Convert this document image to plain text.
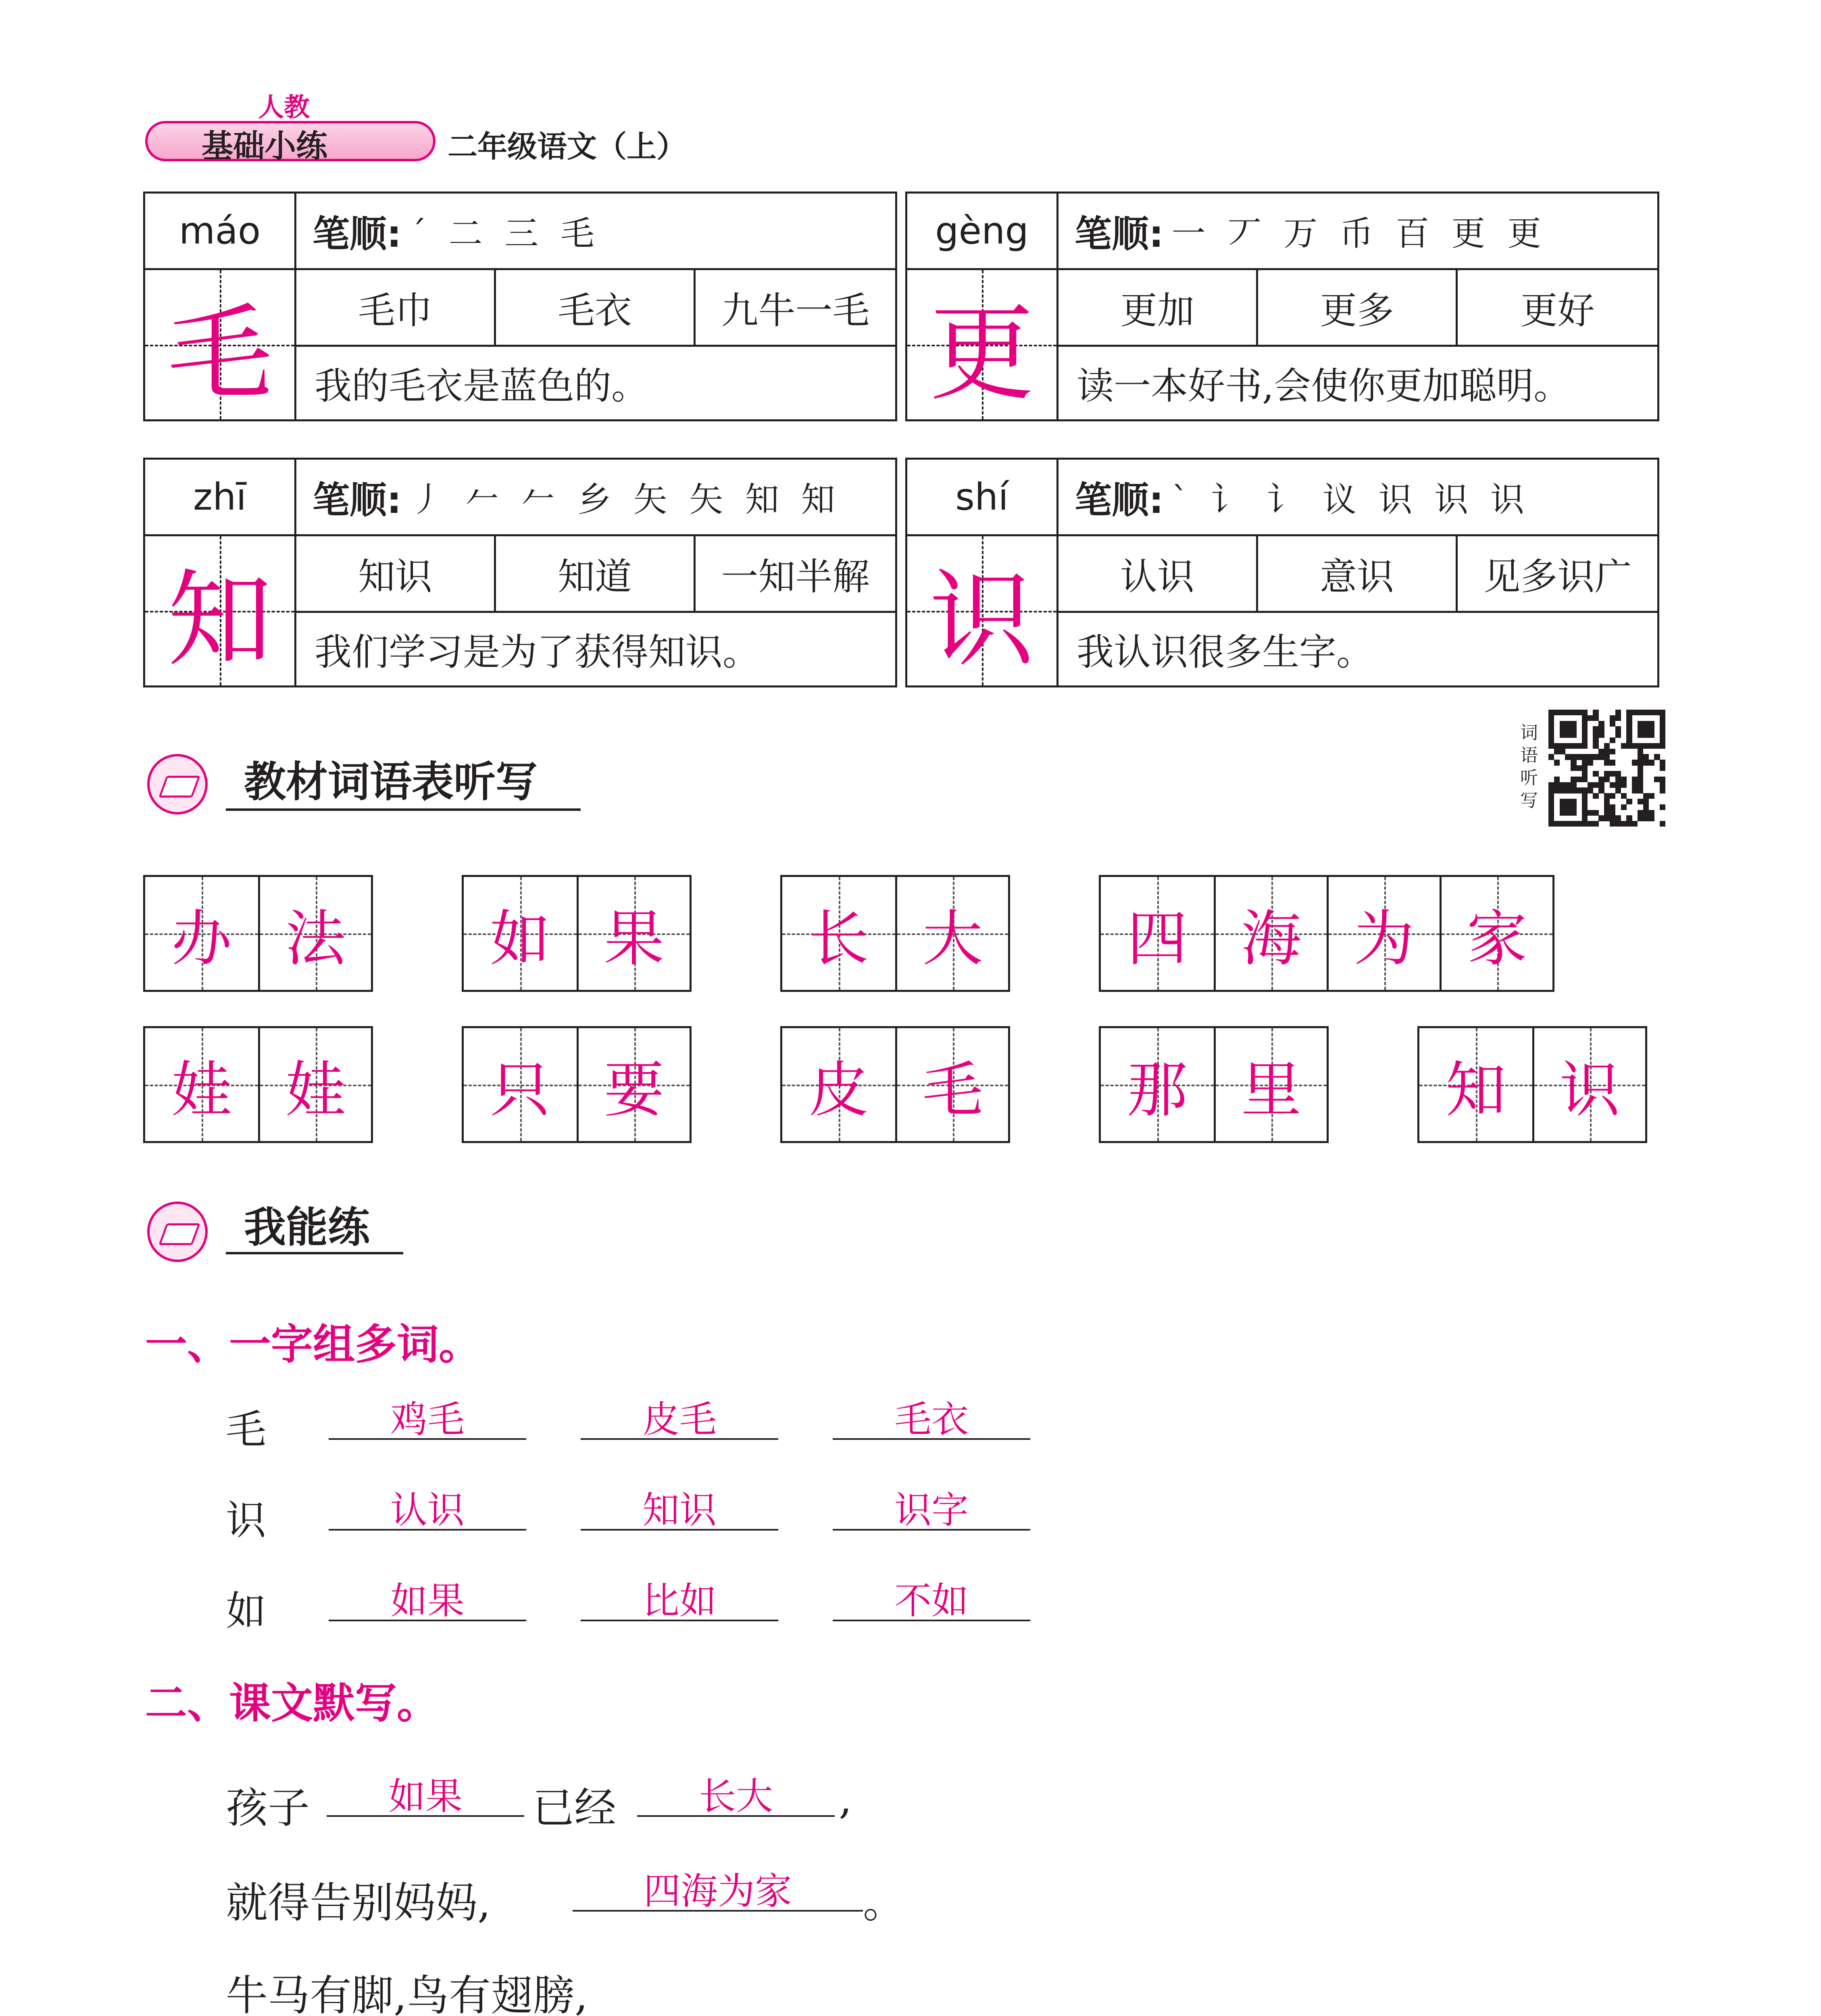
人教
基础小练	二年级语文（上）
máo	笔顺: ˊ 二 三 毛
毛	毛巾	毛衣	九牛一毛
我的毛衣是蓝色的。
gèng	笔顺: 一 丆 万 币 百 更 更
更	更加	更多	更好
读一本好书,会使你更加聪明。
zhī	笔顺: 丿 𠂉 𠂉 乡 矢 矢 知 知
知	知识	知道	一知半解
我们学习是为了获得知识。
shí	笔顺: ˋ 讠 讠 议 识 识 识
识	认识	意识	见多识广
我认识很多生字。
教材词语表听写
词语听写
办 法 如 果 长 大 四 海 为 家
娃 娃 只 要 皮 毛 那 里 知 识
我能练
一、一字组多词。
毛	鸡毛	皮毛	毛衣
识	认识	知识	识字
如	如果	比如	不如
二、课文默写。
孩子	如果	已经	长大	,
就得告别妈妈,	四海为家	。
牛马有脚,鸟有翅膀,
